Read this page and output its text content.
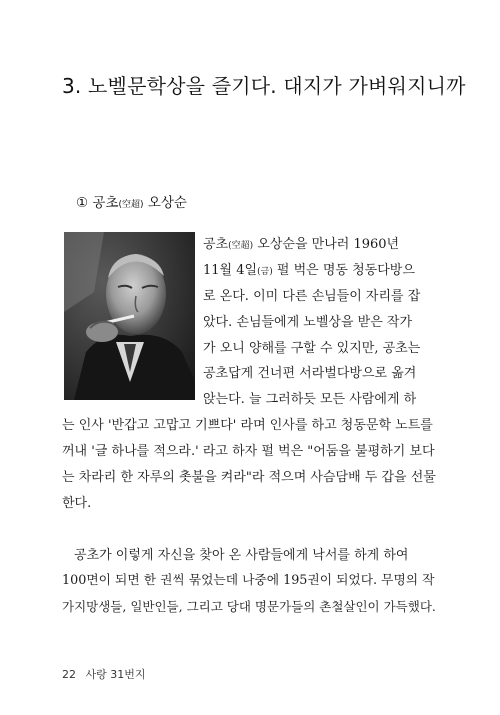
3. 노벨문학상을 즐기다. 대지가 가벼워지니까
① 공초(空超) 오상순
공초(空超) 오상순을 만나러 1960년
11월 4일(금) 펄 벅은 명동 청동다방으
로 온다. 이미 다른 손님들이 자리를 잡
았다. 손님들에게 노벨상을 받은 작가
가 오니 양해를 구할 수 있지만, 공초는
공초답게 건너편 서라벌다방으로 옮겨
앉는다. 늘 그러하듯 모든 사람에게 하
는 인사 '반갑고 고맙고 기쁘다' 라며 인사를 하고 청동문학 노트를
꺼내 '글 하나를 적으라.' 라고 하자 펄 벅은 "어둠을 불평하기 보다
는 차라리 한 자루의 촛불을 켜라"라 적으며 사슴담배 두 갑을 선물
한다.
공초가 이렇게 자신을 찾아 온 사람들에게 낙서를 하게 하여
100면이 되면 한 권씩 묶었는데 나중에 195권이 되었다. 무명의 작
가지망생들, 일반인들, 그리고 당대 명문가들의 촌철살인이 가득했다.
22 사랑 31번지
